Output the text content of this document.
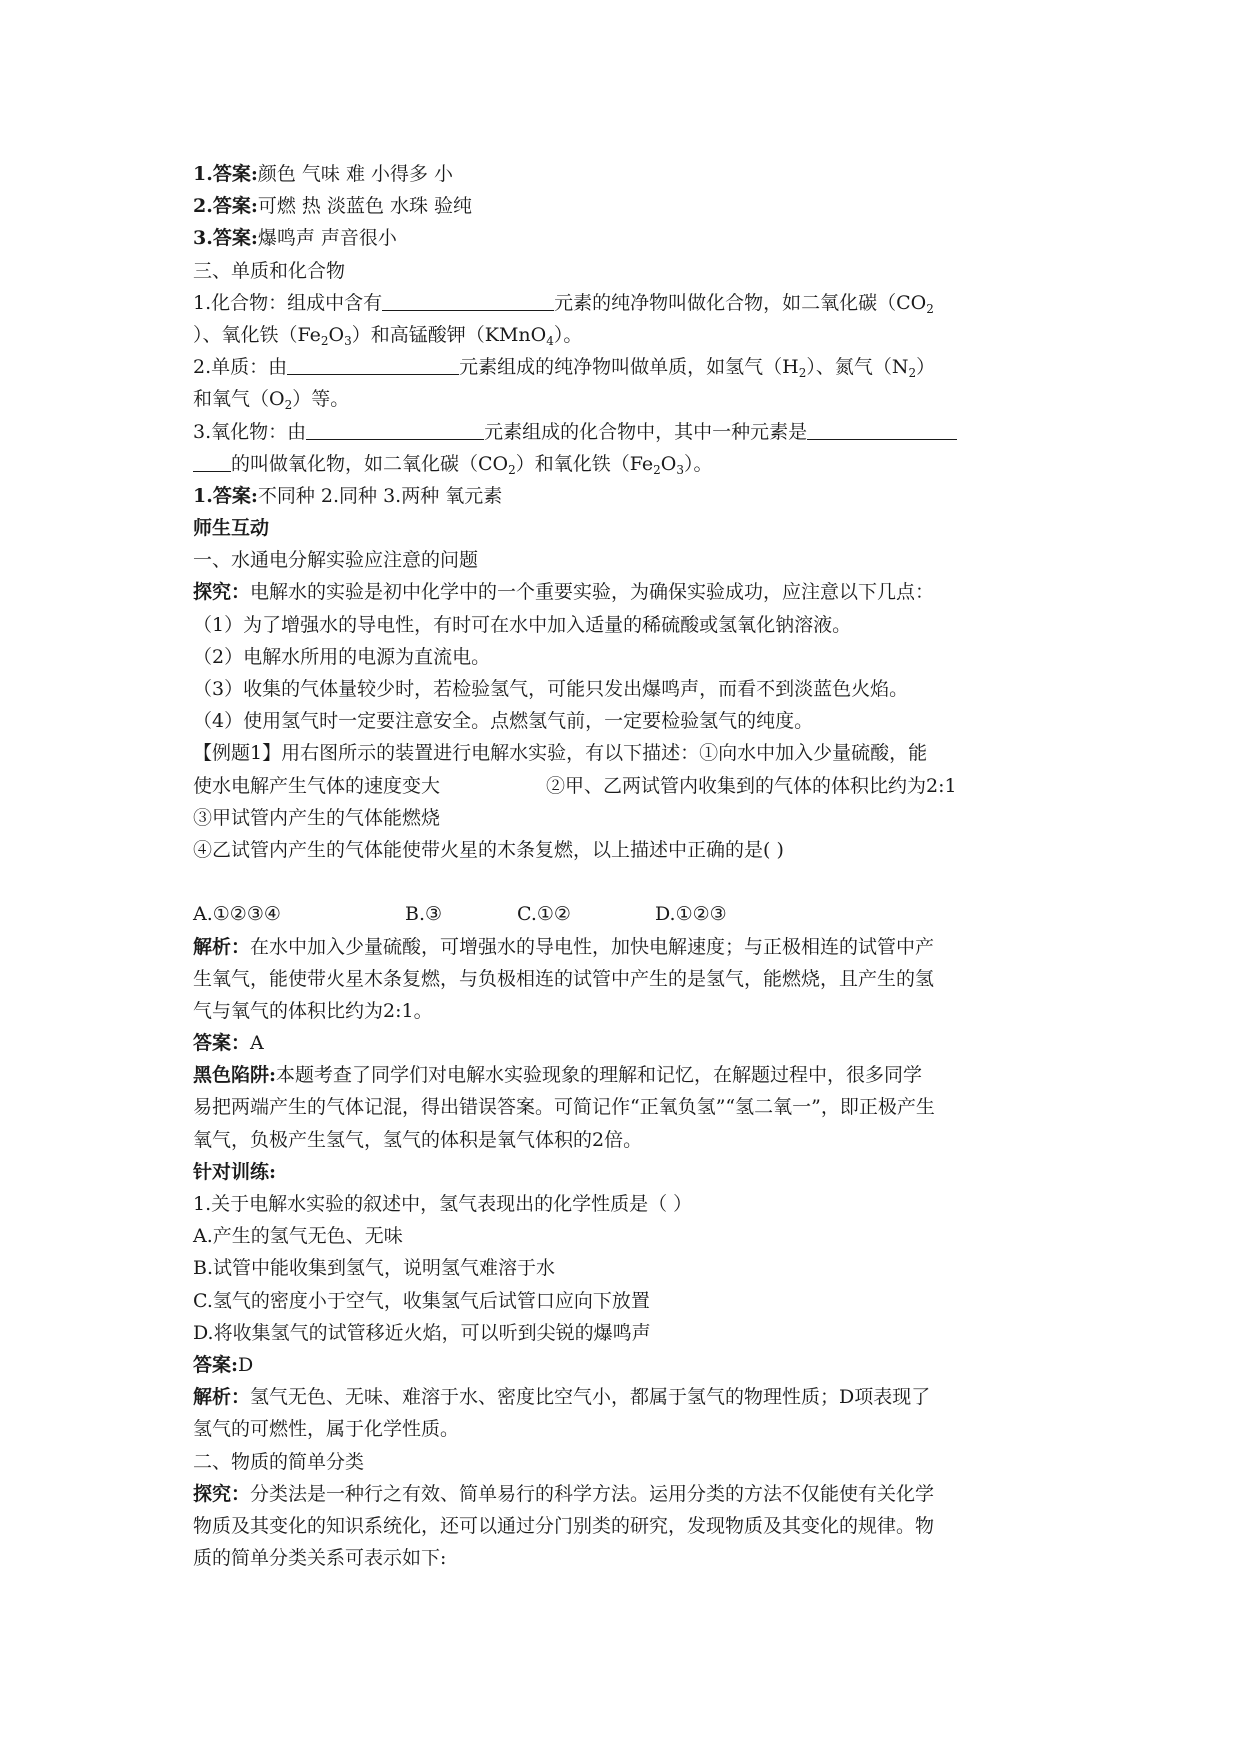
1.答案:颜色 气味 难 小得多 小
2.答案:可燃 热 淡蓝色 水珠 验纯
3.答案:爆鸣声 声音很小
三、单质和化合物
1.化合物：组成中含有	元素的纯净物叫做化合物，如二氧化碳（$CO_2$
）、氧化铁$(Fe_2O_3)$和高锰酸钾（KMnO$_4$）。
2.单质：由	元素组成的纯净物叫做单质，如氢气$(H_2)$、氮气$(N_2)$
和氧气$(O_2)$等。
3.氧化物：由	元素组成的化合物中，其中一种元素是
的叫做氧化物，如二氧化碳$(CO_2)$和氧化铁$(Fe_2O_3)$。
1.答案:不同种 2.同种 3.两种 氧元素
师生互动
一、水通电分解实验应注意的问题
探究：电解水的实验是初中化学中的一个重要实验，为确保实验成功，应注意以下几点：
（1）为了增强水的导电性，有时可在水中加入适量的稀硫酸或氢氧化钠溶液。
（2）电解水所用的电源为直流电。
（3）收集的气体量较少时，若检验氢气，可能只发出爆鸣声，而看不到淡蓝色火焰。
（4）使用氢气时一定要注意安全。点燃氢气前，一定要检验氢气的纯度。
【例题1】用右图所示的装置进行电解水实验，有以下描述：①向水中加入少量硫酸，能
使水电解产生气体的速度变大	②甲、乙两试管内收集到的气体的体积比约为2:1
③甲试管内产生的气体能燃烧
④乙试管内产生的气体能使带火星的木条复燃，以上描述中正确的是( )
A.①②③④	B.③	C.①②	D.①②③
解析：在水中加入少量硫酸，可增强水的导电性，加快电解速度；与正极相连的试管中产
生氧气，能使带火星木条复燃，与负极相连的试管中产生的是氢气，能燃烧，且产生的氢
气与氧气的体积比约为2:1。
答案：A
黑色陷阱:本题考查了同学们对电解水实验现象的理解和记忆，在解题过程中，很多同学
易把两端产生的气体记混，得出错误答案。可简记作“正氧负氢”“氢二氧一”，即正极产生
氧气，负极产生氢气，氢气的体积是氧气体积的2倍。
针对训练:
1.关于电解水实验的叙述中，氢气表现出的化学性质是（ ）
A.产生的氢气无色、无味
B.试管中能收集到氢气，说明氢气难溶于水
C.氢气的密度小于空气，收集氢气后试管口应向下放置
D.将收集氢气的试管移近火焰，可以听到尖锐的爆鸣声
答案:D
解析：氢气无色、无味、难溶于水、密度比空气小，都属于氢气的物理性质；D项表现了
氢气的可燃性，属于化学性质。
二、物质的简单分类
探究：分类法是一种行之有效、简单易行的科学方法。运用分类的方法不仅能使有关化学
物质及其变化的知识系统化，还可以通过分门别类的研究，发现物质及其变化的规律。物
质的简单分类关系可表示如下:
